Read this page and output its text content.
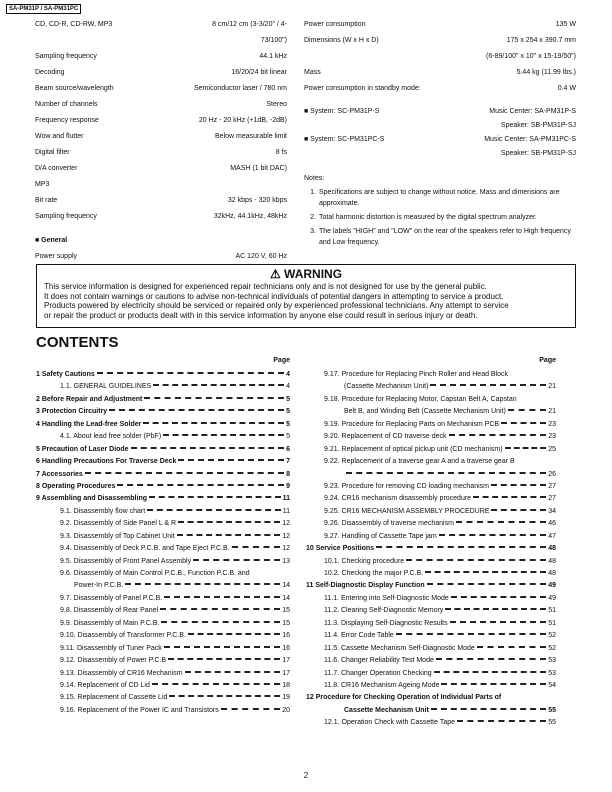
SA-PM31P / SA-PM31PC
CD, CD-R, CD-RW, MP3	8 cm/12 cm (3-3/20" / 4-
73/100")
Sampling frequency	44.1 kHz
Decoding	16/20/24 bit linear
Beam source/wavelength	Semiconductor laser / 780 nm
Number of channels	Stereo
Frequency response	20 Hz - 20 kHz (+1dB, -2dB)
Wow and flutter	Below measurable limit
Digital filter	8 fs
D/A converter	MASH (1 bit DAC)
MP3
Bit rate	32 kbps - 320 kbps
Sampling frequency	32kHz, 44.1kHz, 48kHz
■ General
Power supply	AC 120 V, 60 Hz
Power consumption	135 W
Dimensions (W x H x D)	175 x 254 x 390.7 mm
(6-89/100" x 10" x 15-19/50")
Mass	5.44 kg (11.99 lbs.)
Power consumption in standby mode:	0.4 W
■ System: SC-PM31P-S	Music Center: SA-PM31P-S
Speaker: SB-PM31P-SJ
■ System: SC-PM31PC-S	Music Center: SA-PM31PC-S
Speaker: SB-PM31P-SJ
Notes:
1. Specifications are subject to change without notice. Mass and dimensions are approximate.
2. Total harmonic distortion is measured by the digital spectrum analyzer.
3. The labels "HIGH" and "LOW" on the rear of the speakers refer to High frequency and Low frequency.
⚠ WARNING
This service information is designed for experienced repair technicians only and is not designed for use by the general public.
It does not contain warnings or cautions to advise non-technical individuals of potential dangers in attempting to service a product.
Products powered by electricity should be serviced or repaired only by experienced professional technicians. Any attempt to service
or repair the product or products dealt with in this service information by anyone else could result in serious injury or death.
CONTENTS
Page
1 Safety Cautions	4
1.1. GENERAL GUIDELINES	4
2 Before Repair and Adjustment	5
3 Protection Circuitry	5
4 Handling the Lead-free Solder	5
4.1. About lead free solder (PbF)	5
5 Precaution of Laser Diode	6
6 Handling Precautions For Traverse Deck	7
7 Accessories	8
8 Operating Procedures	9
9 Assembling and Disassembling	11
9.1. Disassembly flow chart	11
9.2. Disassembly of Side Panel L & R	12
9.3. Disassembly of Top Cabinet Unit	12
9.4. Disassembly of Deck P.C.B. and Tape Eject P.C.B.	12
9.5. Disassembly of Front Panel Assembly	13
9.6. Disassembly of Main Control P.C.B., Function P.C.B. and
Power-In P.C.B.	14
9.7. Disassembly of Panel P.C.B.	14
9.8. Disassembly of Rear Panel	15
9.9. Disassembly of Main P.C.B.	15
9.10. Disassembly of Transformer P.C.B.	16
9.11. Disassembly of Tuner Pack	16
9.12. Disassembly of Power P.C.B	17
9.13. Disassembly of CR16 Mechanism	17
9.14. Replacement of CD Lid	18
9.15. Replacement of Cassette Lid	19
9.16. Replacement of the Power IC and Transistors	20
Page
9.17. Procedure for Replacing Pinch Roller and Head Block
(Cassette Mechanism Unit)	21
9.18. Procedure for Replacing Motor, Capstan Belt A, Capstan
Belt B, and Winding Belt (Cassette Mechanism Unit)	21
9.19. Procedure for Replacing Parts on Mechanism PCB	23
9.20. Replacement of CD traverse deck	23
9.21. Replacement of optical pickup unit (CD mechanism)	25
9.22. Replacement of a traverse gear A and a traverse gear B
26
9.23. Procedure for removing CD loading mechanism	27
9.24. CR16 mechanism disassembly procedure	27
9.25. CR16 MECHANISM ASSEMBLY PROCEDURE	34
9.26. Disassembly of traverse mechanism	46
9.27. Handling of Cassette Tape jam	47
10 Service Positions	48
10.1. Checking procedure	48
10.2. Checking the major P.C.B.	48
11 Self-Diagnostic Display Function	49
11.1. Entering into Self-Diagnostic Mode	49
11.2. Clearing Self-Diagnostic Memory	51
11.3. Displaying Self-Diagnostic Results	51
11.4. Error Code Table	52
11.5. Cassette Mechanism Self-Diagnostic Mode	52
11.6. Changer Reliability Test Mode	53
11.7. Changer Operation Checking	53
11.8. CR16 Mechanism Ageing Mode	54
12 Procedure for Checking Operation of Individual Parts of
Cassette Mechanism Unit	55
12.1. Operation Check with Cassette Tape	55
2
